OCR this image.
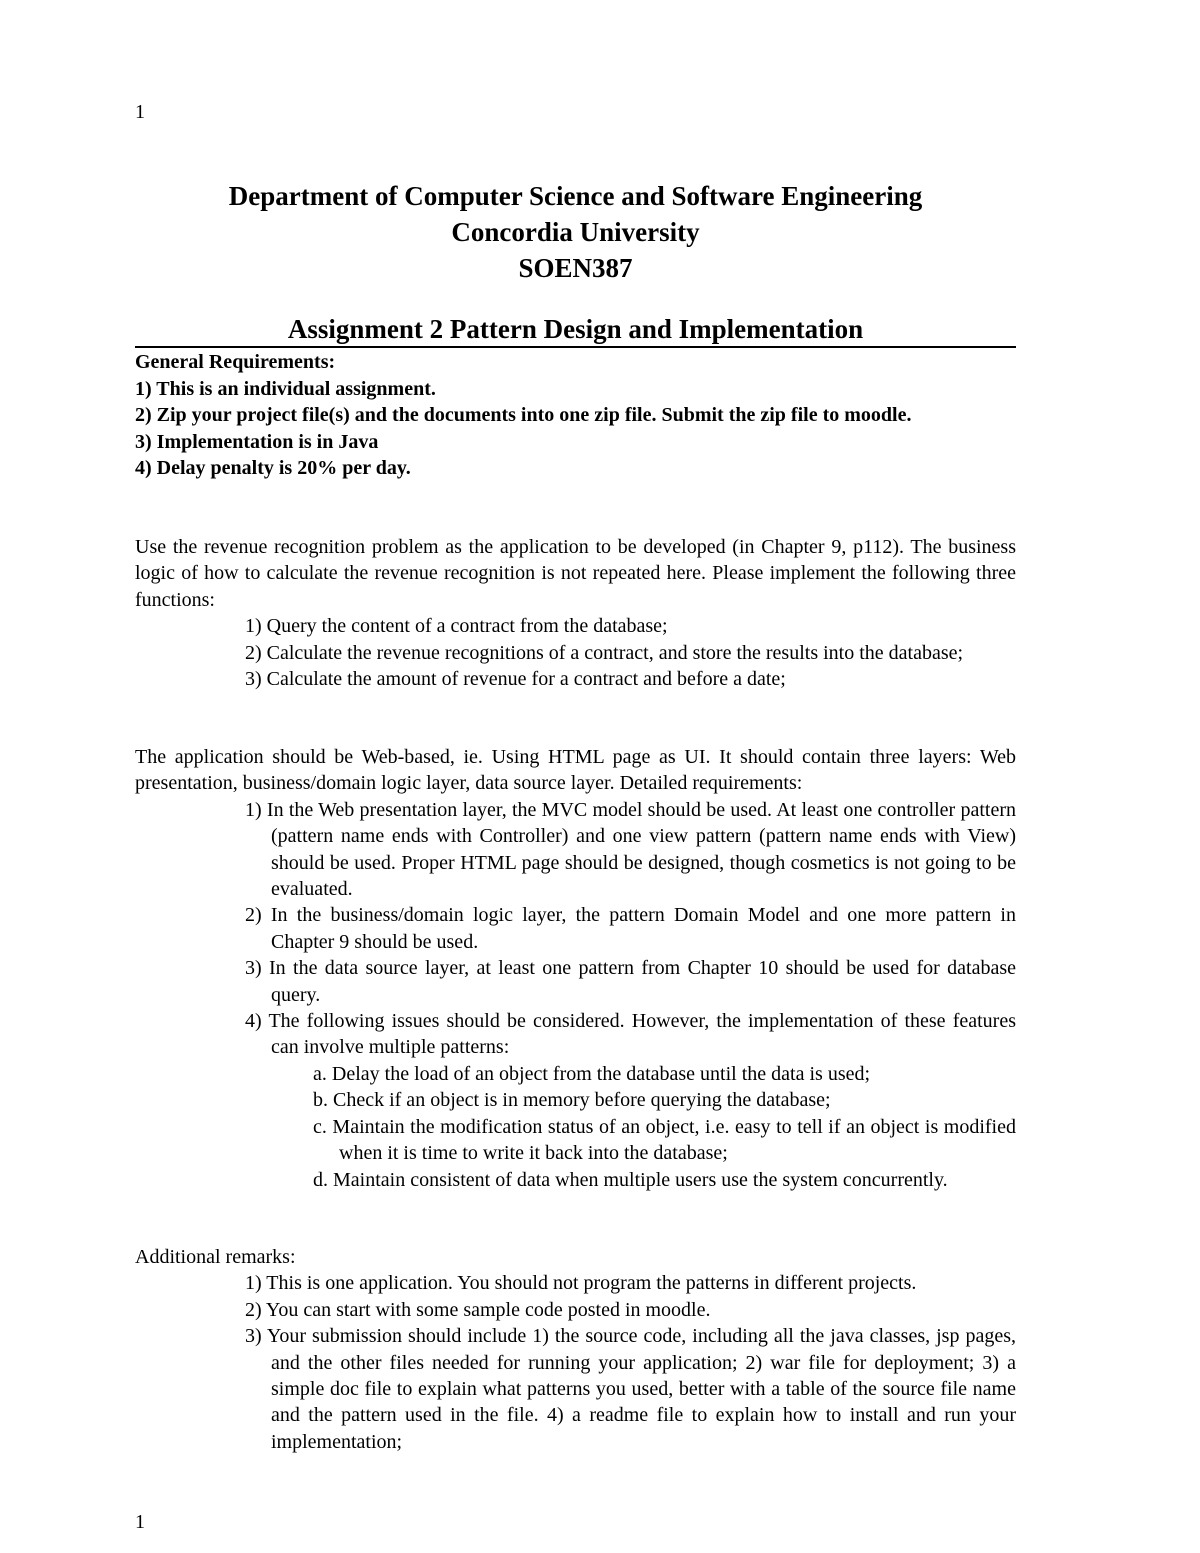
1
Department of Computer Science and Software Engineering
Concordia University
SOEN387
Assignment 2 Pattern Design and Implementation
General Requirements:
1) This is an individual assignment.
2) Zip your project file(s) and the documents into one zip file. Submit the zip file to moodle.
3) Implementation is in Java
4) Delay penalty is 20% per day.

Use the revenue recognition problem as the application to be developed (in Chapter 9, p112). The business logic of how to calculate the revenue recognition is not repeated here. Please implement the following three functions:

1) Query the content of a contract from the database;
2) Calculate the revenue recognitions of a contract, and store the results into the database;
3) Calculate the amount of revenue for a contract and before a date;

The application should be Web-based, ie. Using HTML page as UI. It should contain three layers: Web presentation, business/domain logic layer, data source layer. Detailed requirements:

1) In the Web presentation layer, the MVC model should be used. At least one controller pattern (pattern name ends with Controller) and one view pattern (pattern name ends with View) should be used. Proper HTML page should be designed, though cosmetics is not going to be evaluated.
2) In the business/domain logic layer, the pattern Domain Model and one more pattern in Chapter 9 should be used.
3) In the data source layer, at least one pattern from Chapter 10 should be used for database query.
4) The following issues should be considered. However, the implementation of these features can involve multiple patterns:
a. Delay the load of an object from the database until the data is used;
b. Check if an object is in memory before querying the database;
c. Maintain the modification status of an object, i.e. easy to tell if an object is modified when it is time to write it back into the database;
d. Maintain consistent of data when multiple users use the system concurrently.

Additional remarks:

1) This is one application. You should not program the patterns in different projects.
2) You can start with some sample code posted in moodle.
3) Your submission should include 1) the source code, including all the java classes, jsp pages, and the other files needed for running your application; 2) war file for deployment; 3) a simple doc file to explain what patterns you used, better with a table of the source file name and the pattern used in the file. 4) a readme file to explain how to install and run your implementation;
1
